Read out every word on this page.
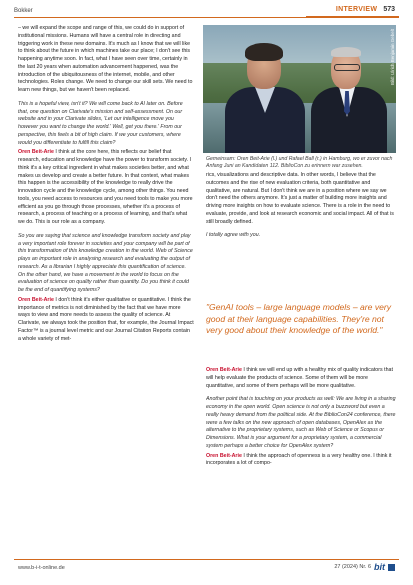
Bokker	INTERVIEW 573

– we will expand the scope and range of this, we could do in support of institutional missions. Humans will have a central role in directing and triggering work in these new domains. It's much as I know that we will like to think about the future in which machines take our place; I don't see this happening anytime soon. In fact, what I have seen over time, certainly in the last 20 years when automation advancement happened, was the introduction of the ubiquitousness of the internet, mobile, and other technologies. Roles change. We need to change our skill sets. We need to learn new things, but we haven't been replaced.

This is a hopeful view, isn't it? We will come back to AI later on. Before that, one question on Clarivate's mission and self-assessment. On our website and in your Clarivate slides, 'Let our intelligence move you however you want to change the world.' Well, get you there.' From our perspective, this feels a bit of high claim. If we your customers, where would you differentiate to fulfill this claim?

Oren Beit-Arie I think at the core here, this reflects our belief that research, education and knowledge have the power to transform society. I think it's a key critical ingredient in what makes societies better, and what makes us develop and create a better future. In that context, what makes this happen is the accessibility of the knowledge to really drive the innovation cycle and the knowledge cycle, among other things. You need tools, you need access to resources and you need tools to make you more efficient as you go through those processes, whether it's a process of research, a process of teaching or a process of learning, and that's what we do. This is our role as a company.

So you are saying that science and knowledge transform society and play a very important role forever in societies and your company will be part of this transformation of this knowledge creation in the world. Web of Science plays an important role in analysing research and evaluating the output of research. As a librarian I highly appreciate this quantification of science. On the other hand, we have a movement in the world to focus on the evaluation of science on quality rather than quantity. Do you think it could be the end of quantifying systems?

Oren Beit-Arie I don't think it's either qualitative or quantitative. I think the importance of metrics is not diminished by the fact that we have more ways to view and more needs to assess the quality of science. At Clarivate, we always took the position that, for example, the Journal Impact Factor™ is a journal level metric and our Journal Citation Reports contain a whole variety of met-

Bild: Ulrich Benjamin Gebelt
Gemeinsam: Oren Beit-Arie (l.) und Rafael Ball (r.) in Hamburg, wo er zuvor nach Anfang Juni an Kandidaten 112. BiblioCon zu erinnern war zusehen.

rics, visualizations and descriptive data. In other words, I believe that the outcomes and the rise of new evaluation criteria, both quantitative and qualitative, are natural. But I don't think we are in a position where we say we don't need the others anymore. It's just a matter of building more insights and driving more insights on how to evaluate science. There is a role in the need to evaluate, provide, and look at research economic and social impact. All of that is still broadly defined.

I totally agree with you.

"GenAI tools – large language models – are very good at their language capabilities. They're not very good about their knowledge of the world."

Oren Beit-Arie I think we will end up with a healthy mix of quality indicators that will help evaluate the products of science. Some of them will be more quantitative, and some of them perhaps will be more qualitative.

Another point that is touching on your products as well: We are living in a sharing economy in the open world. Open science is not only a buzzword but even a really heavy demand from the political side. At the BiblioCon24 conference, there were a few talks on the new approach of open databases, OpenAlex as the alternative to the proprietary systems, such as Web of Science or Scopus or Dimensions. What is your argument for a proprietary system, a commercial system perhaps a better choice for OpenAlex system?

Oren Beit-Arie I think the approach of openness is a very healthy one. I think it incorporates a lot of compo-

www.b-i-t-online.de	27 (2024) Nr. 6 bit
